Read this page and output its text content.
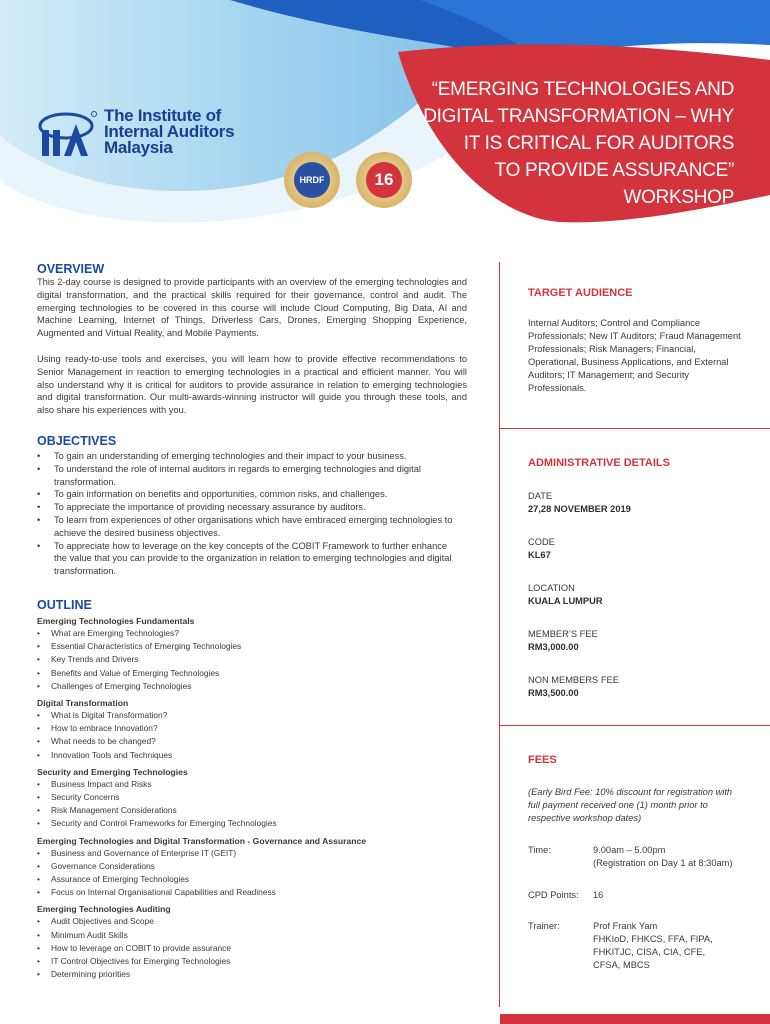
The Institute of
Internal Auditors
Malaysia
HRDF	16
“EMERGING TECHNOLOGIES AND
DIGITAL TRANSFORMATION – WHY
IT IS CRITICAL FOR AUDITORS
TO PROVIDE ASSURANCE”
WORKSHOP
OVERVIEW

This 2-day course is designed to provide participants with an overview of the emerging technologies and digital transformation, and the practical skills required for their governance, control and audit. The emerging technologies to be covered in this course will include Cloud Computing, Big Data, AI and Machine Learning, Internet of Things, Driverless Cars, Drones, Emerging Shopping Experience, Augmented and Virtual Reality, and Mobile Payments.

Using ready-to-use tools and exercises, you will learn how to provide effective recommendations to Senior Management in reaction to emerging technologies in a practical and efficient manner. You will also understand why it is critical for auditors to provide assurance in relation to emerging technologies and digital transformation. Our multi-awards-winning instructor will guide you through these tools, and also share his experiences with you.

OBJECTIVES
• To gain an understanding of emerging technologies and their impact to your business.
• To understand the role of internal auditors in regards to emerging technologies and digital transformation.
• To gain information on benefits and opportunities, common risks, and challenges.
• To appreciate the importance of providing necessary assurance by auditors.
• To learn from experiences of other organisations which have embraced emerging technologies to achieve the desired business objectives.
• To appreciate how to leverage on the key concepts of the COBIT Framework to further enhance the value that you can provide to the organization in relation to emerging technologies and digital transformation.
OUTLINE

Emerging Technologies Fundamentals

• What are Emerging Technologies?
• Essential Characteristics of Emerging Technologies
• Key Trends and Drivers
• Benefits and Value of Emerging Technologies
• Challenges of Emerging Technologies

Digital Transformation

• What is Digital Transformation?
• How to embrace Innovation?
• What needs to be changed?
• Innovation Tools and Techniques

Security and Emerging Technologies

• Business Impact and Risks
• Security Concerns
• Risk Management Considerations
• Security and Control Frameworks for Emerging Technologies

Emerging Technologies and Digital Transformation - Governance and Assurance

• Business and Governance of Enterprise IT (GEIT)
• Governance Considerations
• Assurance of Emerging Technologies
• Focus on Internal Organisational Capabilities and Readiness

Emerging Technologies Auditing

• Audit Objectives and Scope
• Minimum Audit Skills
• How to leverage on COBIT to provide assurance
• IT Control Objectives for Emerging Technologies
• Determining priorities
TARGET AUDIENCE

Internal Auditors; Control and Compliance Professionals; New IT Auditors; Fraud Management Professionals; Risk Managers; Financial, Operational, Business Applications, and External Auditors; IT Management; and Security Professionals.

ADMINISTRATIVE DETAILS
DATE
27,28 NOVEMBER 2019
CODE
KL67
LOCATION
KUALA LUMPUR
MEMBER’S FEE
RM3,000.00
NON MEMBERS FEE
RM3,500.00
FEES

(Early Bird Fee: 10% discount for registration with full payment received one (1) month prior to respective workshop dates)

Time:	9.00am – 5.00pm
(Registration on Day 1 at 8:30am)
CPD Points:	16
Trainer:	Prof Frank Yam
FHKIoD, FHKCS, FFA, FIPA,
FHKITJC, CISA, CIA, CFE,
CFSA, MBCS
